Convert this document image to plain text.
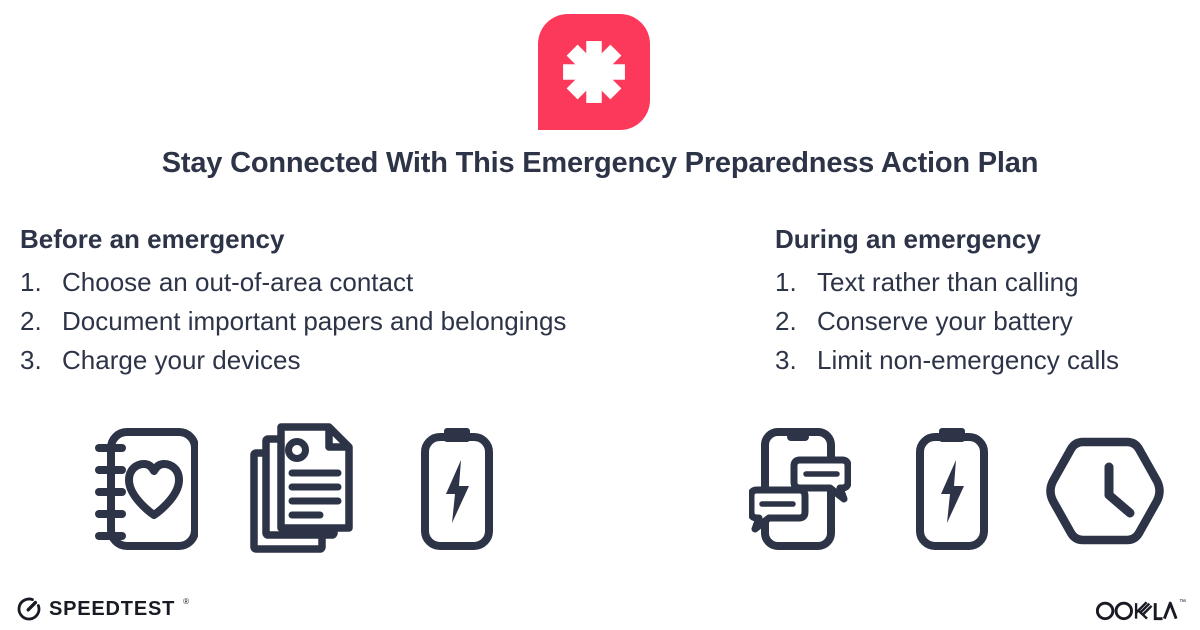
Stay Connected With This Emergency Preparedness Action Plan
Before an emergency
1. Choose an out-of-area contact
2. Document important papers and belongings
3. Charge your devices
During an emergency
1. Text rather than calling
2. Conserve your battery
3. Limit non-emergency calls
SPEEDTEST ®	™
